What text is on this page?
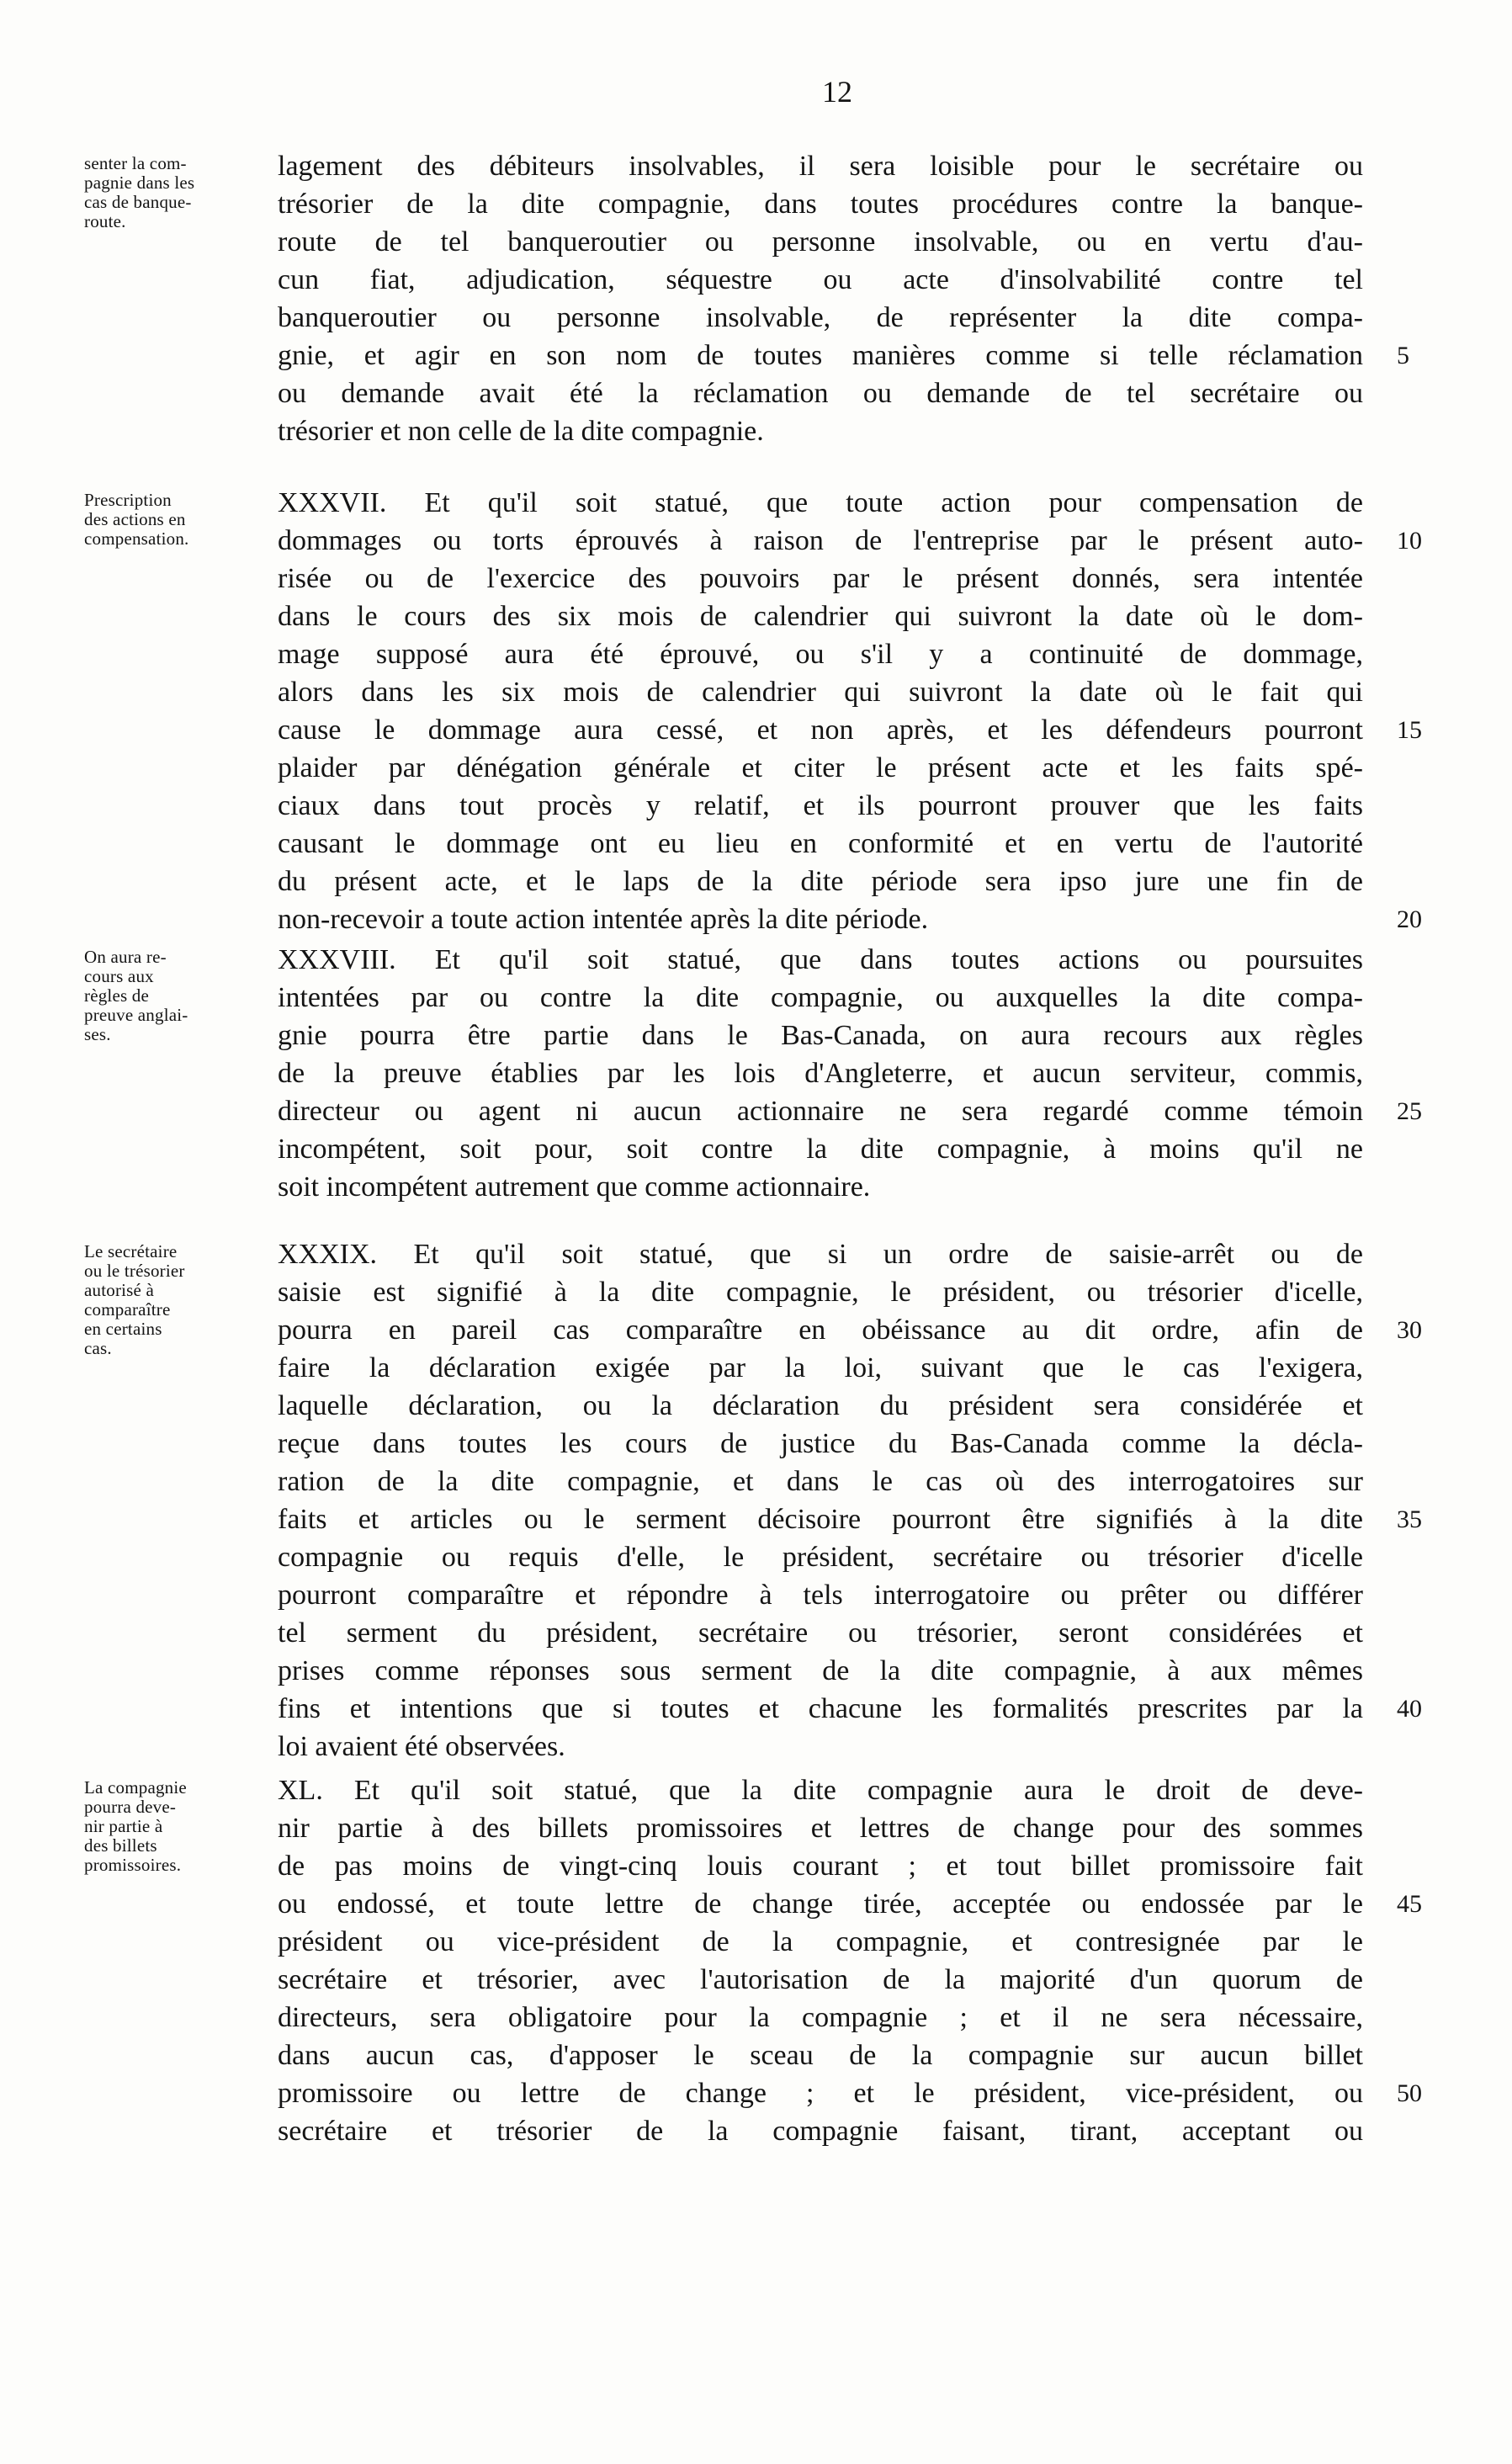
12
senter la com-
pagnie dans les
cas de banque-
route.
lagement des débiteurs insolvables, il sera loisible pour le secrétaire ou
trésorier de la dite compagnie, dans toutes procédures contre la banque-
route de tel banqueroutier ou personne insolvable, ou en vertu d'au-
cun fiat, adjudication, séquestre ou acte d'insolvabilité contre tel
banqueroutier ou personne insolvable, de représenter la dite compa-
gnie, et agir en son nom de toutes manières comme si telle réclamation
ou demande avait été la réclamation ou demande de tel secrétaire ou
trésorier et non celle de la dite compagnie.
5
Prescription
des actions en
compensation.
XXXVII. Et qu'il soit statué, que toute action pour compensation de
dommages ou torts éprouvés à raison de l'entreprise par le présent auto-
risée ou de l'exercice des pouvoirs par le présent donnés, sera intentée
dans le cours des six mois de calendrier qui suivront la date où le dom-
mage supposé aura été éprouvé, ou s'il y a continuité de dommage,
alors dans les six mois de calendrier qui suivront la date où le fait qui
cause le dommage aura cessé, et non après, et les défendeurs pourront
plaider par dénégation générale et citer le présent acte et les faits spé-
ciaux dans tout procès y relatif, et ils pourront prouver que les faits
causant le dommage ont eu lieu en conformité et en vertu de l'autorité
du présent acte, et le laps de la dite période sera ipso jure une fin de
non-recevoir a toute action intentée après la dite période.
10
15
20
On aura re-
cours aux
règles de
preuve anglai-
ses.
XXXVIII. Et qu'il soit statué, que dans toutes actions ou poursuites
intentées par ou contre la dite compagnie, ou auxquelles la dite compa-
gnie pourra être partie dans le Bas-Canada, on aura recours aux règles
de la preuve établies par les lois d'Angleterre, et aucun serviteur, commis,
directeur ou agent ni aucun actionnaire ne sera regardé comme témoin
incompétent, soit pour, soit contre la dite compagnie, à moins qu'il ne
soit incompétent autrement que comme actionnaire.
25
Le secrétaire
ou le trésorier
autorisé à
comparaître
en certains
cas.
XXXIX. Et qu'il soit statué, que si un ordre de saisie-arrêt ou de
saisie est signifié à la dite compagnie, le président, ou trésorier d'icelle,
pourra en pareil cas comparaître en obéissance au dit ordre, afin de
faire la déclaration exigée par la loi, suivant que le cas l'exigera,
laquelle déclaration, ou la déclaration du président sera considérée et
reçue dans toutes les cours de justice du Bas-Canada comme la décla-
ration de la dite compagnie, et dans le cas où des interrogatoires sur
faits et articles ou le serment décisoire pourront être signifiés à la dite
compagnie ou requis d'elle, le président, secrétaire ou trésorier d'icelle
pourront comparaître et répondre à tels interrogatoire ou prêter ou différer
tel serment du président, secrétaire ou trésorier, seront considérées et
prises comme réponses sous serment de la dite compagnie, à aux mêmes
fins et intentions que si toutes et chacune les formalités prescrites par la
loi avaient été observées.
30
35
40
La compagnie
pourra deve-
nir partie à
des billets
promissoires.
XL. Et qu'il soit statué, que la dite compagnie aura le droit de deve-
nir partie à des billets promissoires et lettres de change pour des sommes
de pas moins de vingt-cinq louis courant ; et tout billet promissoire fait
ou endossé, et toute lettre de change tirée, acceptée ou endossée par le
président ou vice-président de la compagnie, et contresignée par le
secrétaire et trésorier, avec l'autorisation de la majorité d'un quorum de
directeurs, sera obligatoire pour la compagnie ; et il ne sera nécessaire,
dans aucun cas, d'apposer le sceau de la compagnie sur aucun billet
promissoire ou lettre de change ; et le président, vice-président, ou
secrétaire et trésorier de la compagnie faisant, tirant, acceptant ou
45
50
